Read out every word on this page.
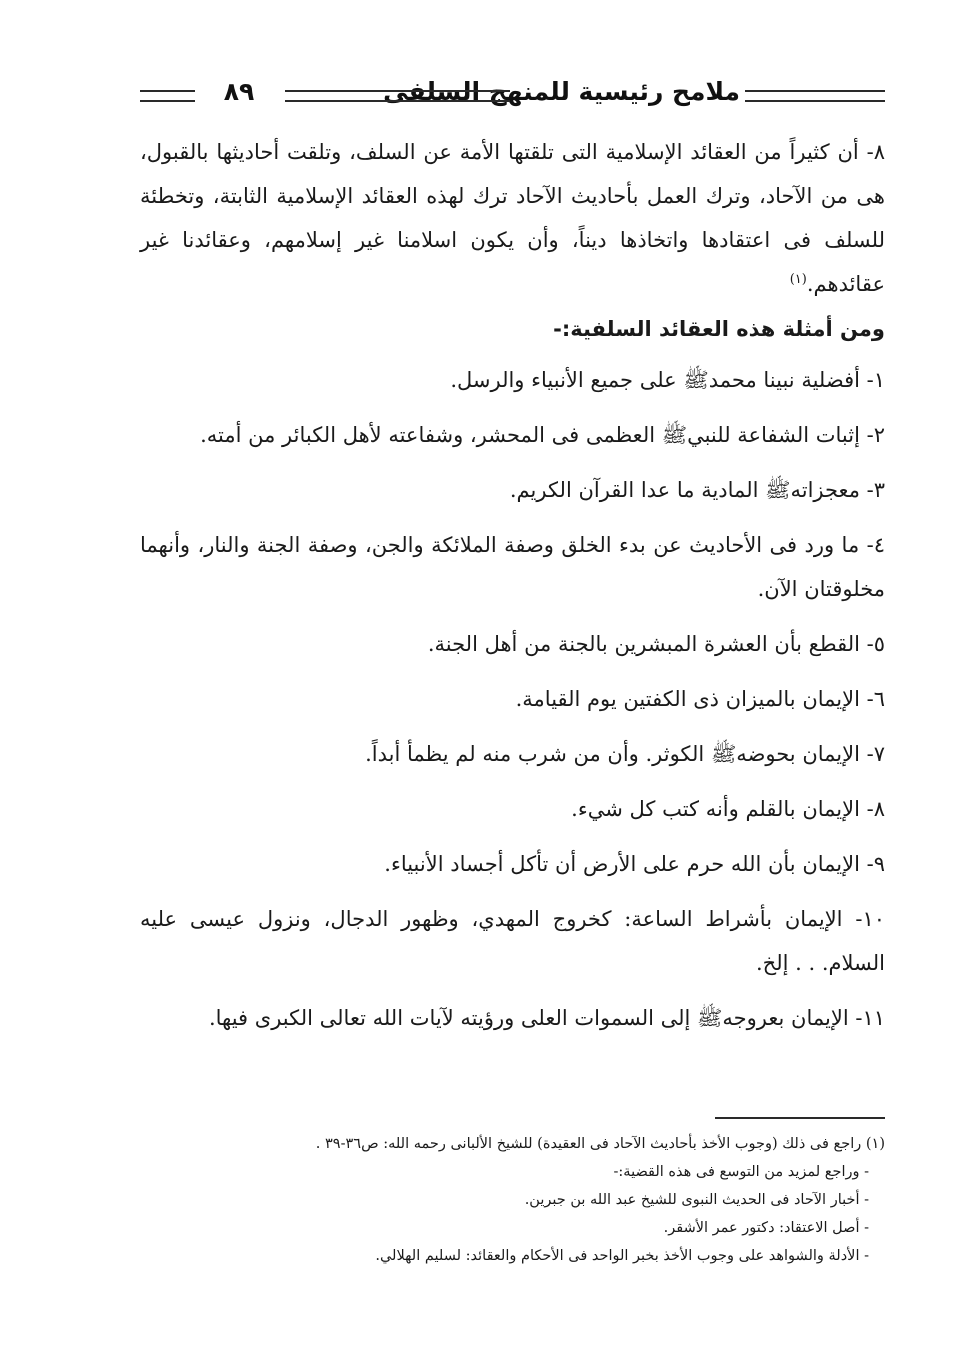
ملامح رئيسية للمنهج السلفى
٨٩

٨- أن كثيراً من العقائد الإسلامية التى تلقتها الأمة عن السلف، وتلقت أحاديثها بالقبول، هى من الآحاد، وترك العمل بأحاديث الآحاد ترك لهذه العقائد الإسلامية الثابتة، وتخطئة للسلف فى اعتقادها واتخاذها ديناً، وأن يكون اسلامنا غير إسلامهم، وعقائدنا غير عقائدهم.$^{(١)}$

ومن أمثلة هذه العقائد السلفية:-

١- أفضلية نبينا محمدﷺ على جميع الأنبياء والرسل.

٢- إثبات الشفاعة للنبيﷺ العظمى فى المحشر، وشفاعته لأهل الكبائر من أمته.

٣- معجزاتهﷺ المادية ما عدا القرآن الكريم.

٤- ما ورد فى الأحاديث عن بدء الخلق وصفة الملائكة والجن، وصفة الجنة والنار، وأنهما مخلوقتان الآن.

٥- القطع بأن العشرة المبشرين بالجنة من أهل الجنة.

٦- الإيمان بالميزان ذى الكفتين يوم القيامة.

٧- الإيمان بحوضهﷺ الكوثر. وأن من شرب منه لم يظمأ أبداً.

٨- الإيمان بالقلم وأنه كتب كل شيء.

٩- الإيمان بأن الله حرم على الأرض أن تأكل أجساد الأنبياء.

١٠- الإيمان بأشراط الساعة: كخروج المهدي، وظهور الدجال، ونزول عيسى عليه السلام. . . إلخ.

١١- الإيمان بعروجهﷺ إلى السموات العلى ورؤيته لآيات الله تعالى الكبرى فيها.

(١) راجع فى ذلك (وجوب الأخذ بأحاديث الآحاد فى العقيدة) للشيخ الألبانى رحمه الله: ص٣٦-٣٩ .

- وراجع لمزيد من التوسع فى هذه القضية:-

- أخبار الآحاد فى الحديث النبوى للشيخ عبد الله بن جبرين.

- أصل الاعتقاد: دكتور عمر الأشقر.

- الأدلة والشواهد على وجوب الأخذ بخبر الواحد فى الأحكام والعقائد: لسليم الهلالي.
